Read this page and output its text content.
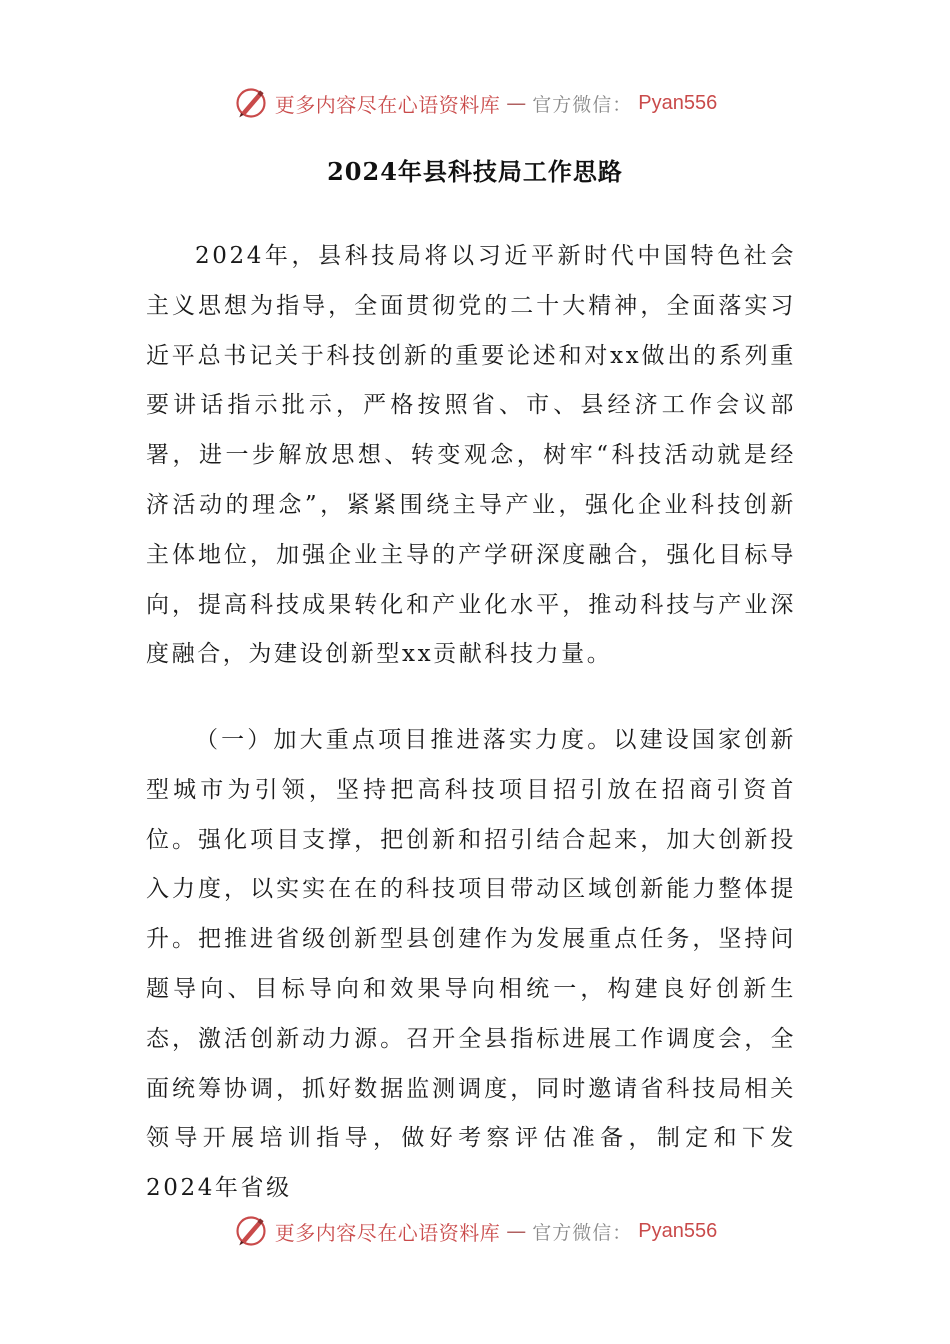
更多内容尽在心语资料库 — 官方微信： Pyan556
2024年县科技局工作思路

2024年，县科技局将以习近平新时代中国特色社会主义思想为指导，全面贯彻党的二十大精神，全面落实习近平总书记关于科技创新的重要论述和对xx做出的系列重要讲话指示批示，严格按照省、市、县经济工作会议部署，进一步解放思想、转变观念，树牢“科技活动就是经济活动的理念”，紧紧围绕主导产业，强化企业科技创新主体地位，加强企业主导的产学研深度融合，强化目标导向，提高科技成果转化和产业化水平，推动科技与产业深度融合，为建设创新型xx贡献科技力量。

（一）加大重点项目推进落实力度。以建设国家创新型城市为引领，坚持把高科技项目招引放在招商引资首位。强化项目支撑，把创新和招引结合起来，加大创新投入力度，以实实在在的科技项目带动区域创新能力整体提升。把推进省级创新型县创建作为发展重点任务，坚持问题导向、目标导向和效果导向相统一，构建良好创新生态，激活创新动力源。召开全县指标进展工作调度会，全面统筹协调，抓好数据监测调度，同时邀请省科技局相关领导开展培训指导，做好考察评估准备，制定和下发2024年省级

更多内容尽在心语资料库 — 官方微信： Pyan556
